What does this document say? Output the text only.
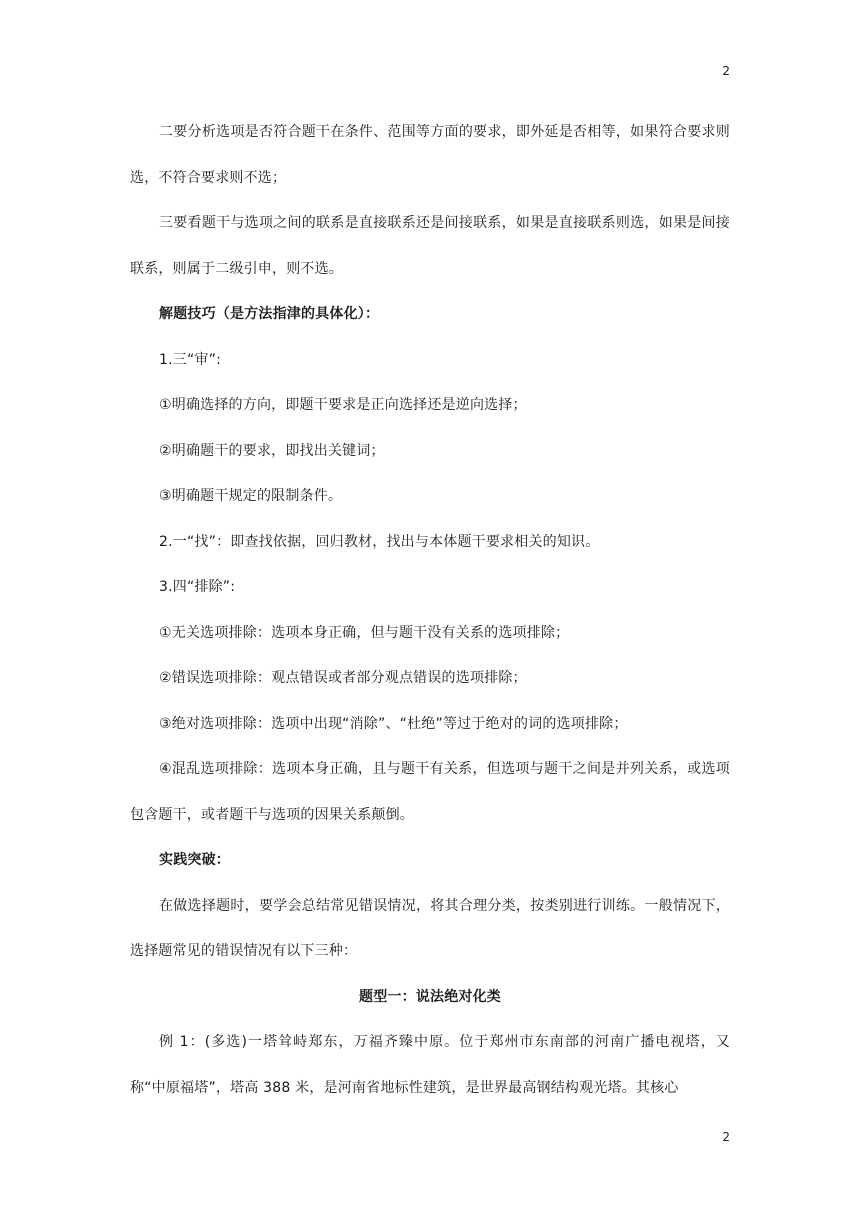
2

二要分析选项是否符合题干在条件、范围等方面的要求，即外延是否相等，如果符合要求则选，不符合要求则不选；

三要看题干与选项之间的联系是直接联系还是间接联系，如果是直接联系则选，如果是间接联系，则属于二级引申，则不选。

解题技巧（是方法指津的具体化）：

1.三“审”:

①明确选择的方向，即题干要求是正向选择还是逆向选择；

②明确题干的要求，即找出关键词；

③明确题干规定的限制条件。

2.一“找”：即查找依据，回归教材，找出与本体题干要求相关的知识。

3.四“排除”:

①无关选项排除：选项本身正确，但与题干没有关系的选项排除；

②错误选项排除：观点错误或者部分观点错误的选项排除；

③绝对选项排除：选项中出现“消除”、“杜绝”等过于绝对的词的选项排除；

④混乱选项排除：选项本身正确，且与题干有关系，但选项与题干之间是并列关系，或选项包含题干，或者题干与选项的因果关系颠倒。

实践突破：

在做选择题时，要学会总结常见错误情况，将其合理分类，按类别进行训练。一般情况下，选择题常见的错误情况有以下三种：

题型一：说法绝对化类

例 1：(多选)一塔耸峙郑东，万福齐臻中原。位于郑州市东南部的河南广播电视塔，又称“中原福塔”，塔高 388 米，是河南省地标性建筑，是世界最高钢结构观光塔。其核心

2
